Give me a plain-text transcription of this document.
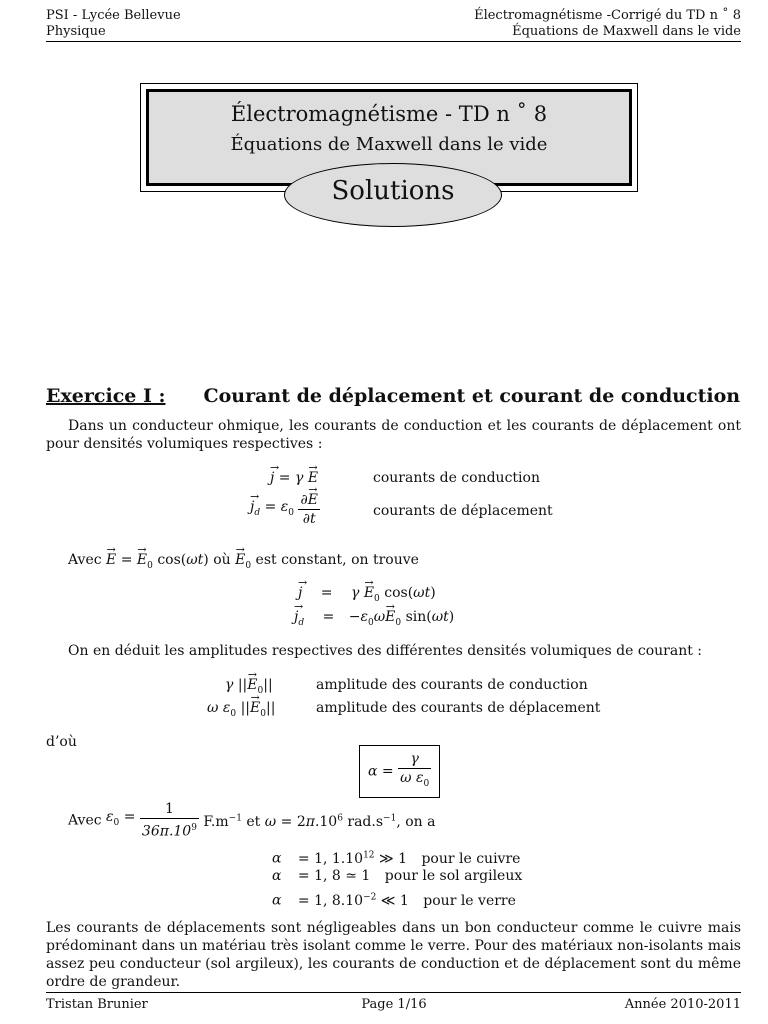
PSI - Lycée Bellevue
Physique
Électromagnétisme -Corrigé du TD n ˚ 8
Équations de Maxwell dans le vide
Électromagnétisme - TD n ˚ 8
Équations de Maxwell dans le vide
Solutions
Exercice I : Courant de déplacement et courant de conduction
Dans un conducteur ohmique, les courants de conduction et les courants de déplacement ont pour densités volumiques respectives :
→ j = γ → E	courants de conduction
→ $j_d = \varepsilon_0 \frac{\partial\to E}{\partial t}$	courants de déplacement
Avec → E = → $E_0$ cos(ωt) où → $E_0$ est constant, on trouve
→ $j = \gamma \to E_0$ cos(ωt)
→ $j_d = -\varepsilon_0\omega\to E_0$ sin(ωt)
On en déduit les amplitudes respectives des différentes densités volumiques de courant :
γ ||→ $E_0||$	amplitude des courants de conduction
ω $\varepsilon_0$ ||→ $E_0||$	amplitude des courants de déplacement
d’où
$\alpha = \frac{\gamma}{\omega \varepsilon_0}$
Avec $\varepsilon_0 = \frac{1}{36\pi.10^9} F.m^{-1}$ et $\omega = 2\pi.10^6$ $rad.s^{-1}$, on a
α = 1, 1.10$^{12}$ ≫ 1 pour le cuivre
α = 1, 8 ≃ 1 pour le sol argileux
α = 1, $8.10^{-2}$ ≪ 1 pour le verre
Les courants de déplacements sont négligeables dans un bon conducteur comme le cuivre mais prédominant dans un matériau très isolant comme le verre. Pour des matériaux non-isolants mais assez peu conducteur (sol argileux), les courants de conduction et de déplacement sont du même ordre de grandeur.
Tristan Brunier	Page 1/16	Année 2010-2011
